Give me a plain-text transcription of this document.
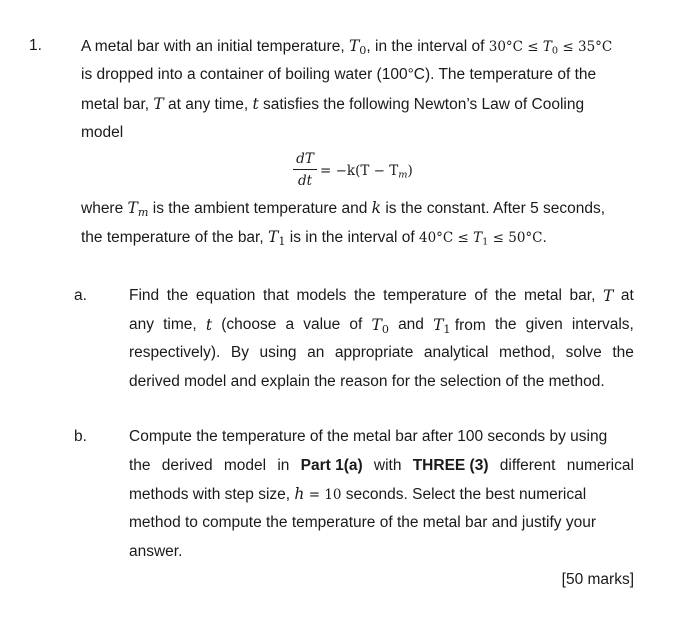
1.	A metal bar with an initial temperature, $T_0$, in the interval of $30^\circ C \le T_0 \le 35^\circ C$
is dropped into a container of boiling water (100°C). The temperature of the
metal bar, T at any time, t satisfies the following Newton’s Law of Cooling
model
dT
dt
= $-k(T - T_m)$
where $T_m$ is the ambient temperature and k is the constant. After 5 seconds,
the temperature of the bar, $T_1$ is in the interval of $40^\circ C \le T_1 \le 50^\circ C$.
a.	Find the equation that models the temperature of the metal bar, T at
any time, t (choose a value of $T_0$ and $T_1$ from the given intervals,
respectively). By using an appropriate analytical method, solve the
derived model and explain the reason for the selection of the method.
b.	Compute the temperature of the metal bar after 100 seconds by using
the derived model in Part 1(a) with THREE (3) different numerical
methods with step size, h = 10 seconds. Select the best numerical
method to compute the temperature of the metal bar and justify your
answer.
[50 marks]
